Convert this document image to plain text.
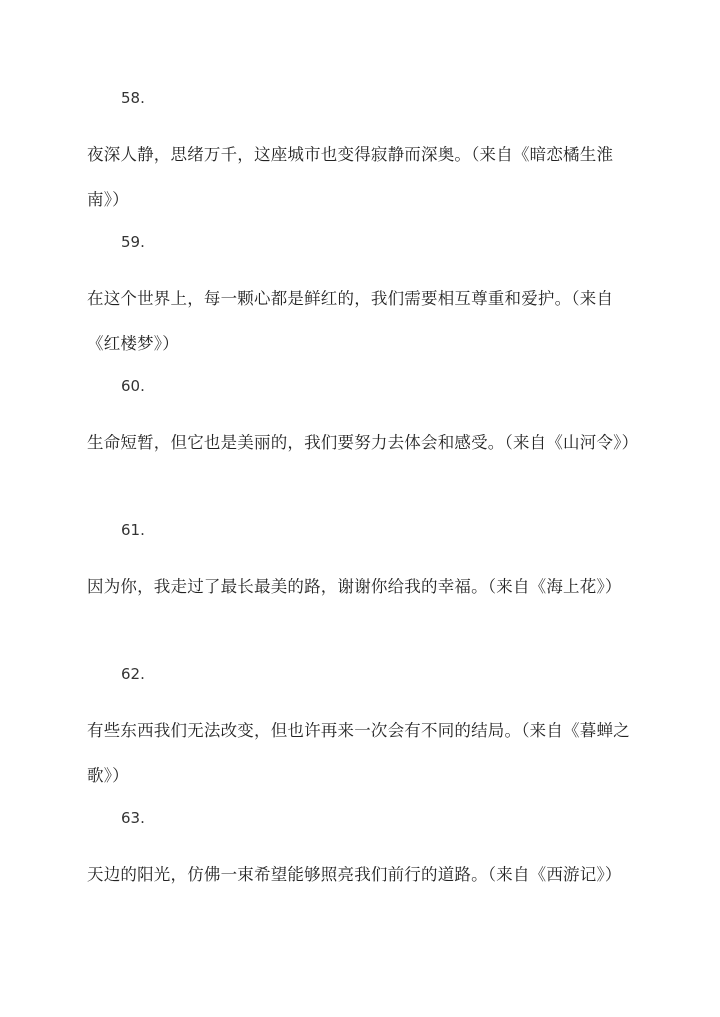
58.

夜深人静，思绪万千，这座城市也变得寂静而深奥。（来自《暗恋橘生淮南》）

59.

在这个世界上，每一颗心都是鲜红的，我们需要相互尊重和爱护。（来自《红楼梦》）

60.

生命短暂，但它也是美丽的，我们要努力去体会和感受。（来自《山河令》）

61.

因为你，我走过了最长最美的路，谢谢你给我的幸福。（来自《海上花》）

62.

有些东西我们无法改变，但也许再来一次会有不同的结局。（来自《暮蝉之歌》）

63.

天边的阳光，仿佛一束希望能够照亮我们前行的道路。（来自《西游记》）
